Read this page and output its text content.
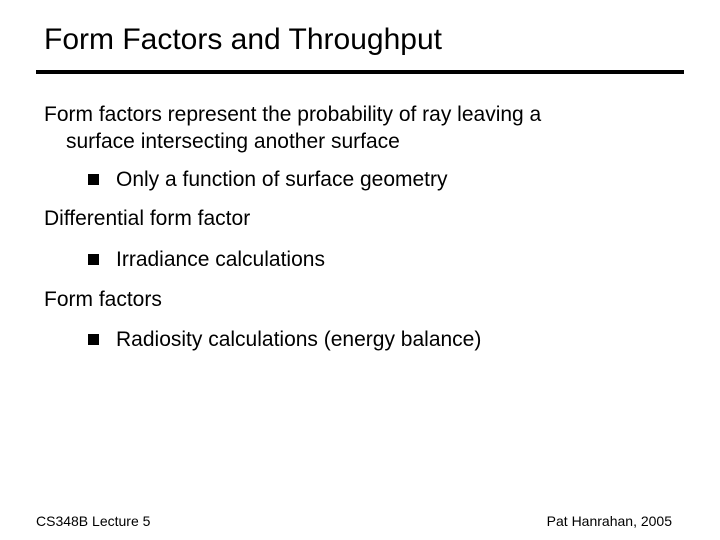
Form Factors and Throughput
Form factors represent the probability of ray leaving a
surface intersecting another surface
Only a function of surface geometry
Differential form factor
Irradiance calculations
Form factors
Radiosity calculations (energy balance)
CS348B Lecture 5	Pat Hanrahan, 2005
